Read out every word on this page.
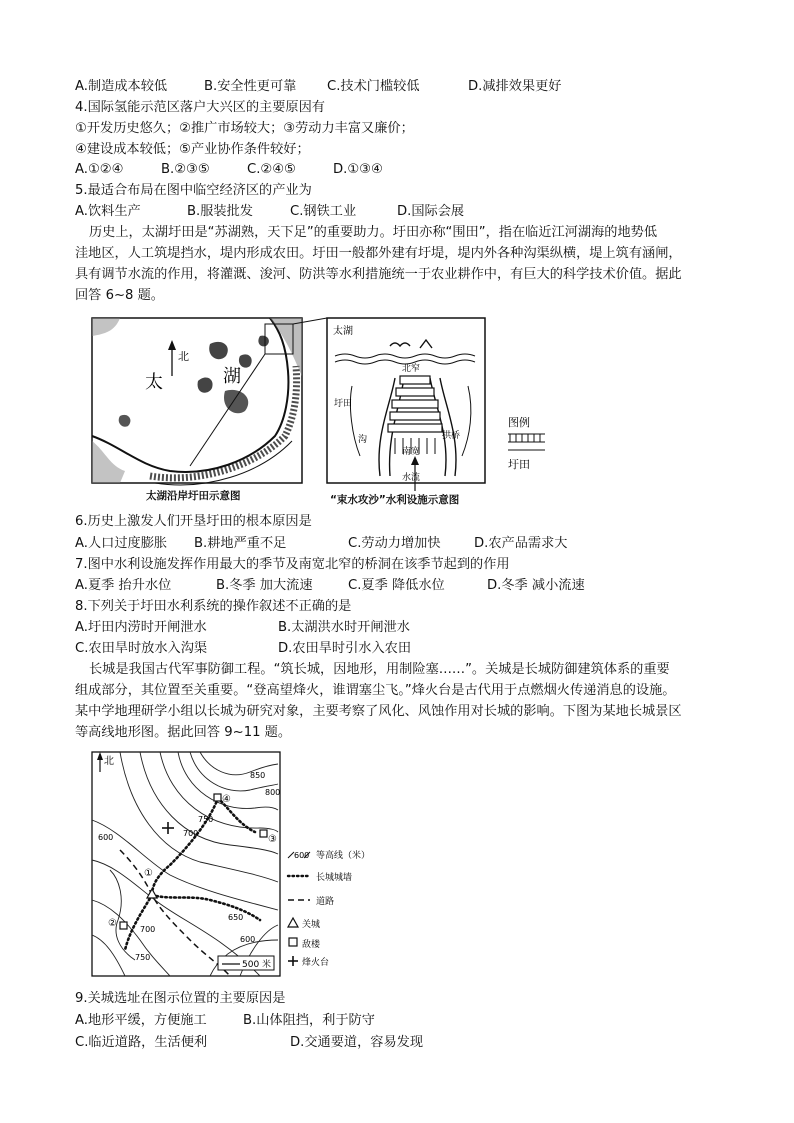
A.制造成本较低	B.安全性更可靠 C.技术门槛较低	D.减排效果更好
4.国际氢能示范区落户大兴区的主要原因有
①开发历史悠久；②推广市场较大；③劳动力丰富又廉价；
④建设成本较低；⑤产业协作条件较好；
A.①②④	B.②③⑤	C.②④⑤	D.①③④
5.最适合布局在图中临空经济区的产业为
A.饮料生产	B.服装批发	C.钢铁工业	D.国际会展
历史上，太湖圩田是“苏湖熟，天下足”的重要助力。圩田亦称“围田”，指在临近江河湖海的地势低
洼地区，人工筑堤挡水，堤内形成农田。圩田一般都外建有圩堤，堤内外各种沟渠纵横，堤上筑有涵闸，
具有调节水流的作用，将灌溉、浚河、防洪等水利措施统一于农业耕作中，有巨大的科学技术价值。据此
回答 6~8 题。
北
太	湖
太湖
北窄
圩田
沟	拱桥
南宽
水流
图例
圩田
太湖沿岸圩田示意图	“束水攻沙”水利设施示意图
6.历史上激发人们开垦圩田的根本原因是
A.人口过度膨胀 B.耕地严重不足	C.劳动力增加快	D.农产品需求大
7.图中水利设施发挥作用最大的季节及南宽北窄的桥洞在该季节起到的作用
A.夏季 抬升水位	B.冬季 加大流速	C.夏季 降低水位	D.冬季 减小流速
8.下列关于圩田水利系统的操作叙述不正确的是
A.圩田内涝时开闸泄水	B.太湖洪水时开闸泄水
C.农田旱时放水入沟渠	D.农田旱时引水入农田
长城是我国古代军事防御工程。“筑长城，因地形，用制险塞……”。关城是长城防御建筑体系的重要
组成部分，其位置至关重要。“登高望烽火，谁谓塞尘飞。”烽火台是古代用于点燃烟火传递消息的设施。
某中学地理研学小组以长城为研究对象，主要考察了风化、风蚀作用对长城的影响。下图为某地长城景区
等高线地形图。据此回答 9~11 题。
北
850
800
750
700
600
650
700
600
750
④
③
①
②
500 米
600 等高线（米）
长城城墙
道路
关城
敌楼
烽火台
9.关城选址在图示位置的主要原因是
A.地形平缓，方便施工	B.山体阻挡，利于防守
C.临近道路，生活便利	D.交通要道，容易发现
